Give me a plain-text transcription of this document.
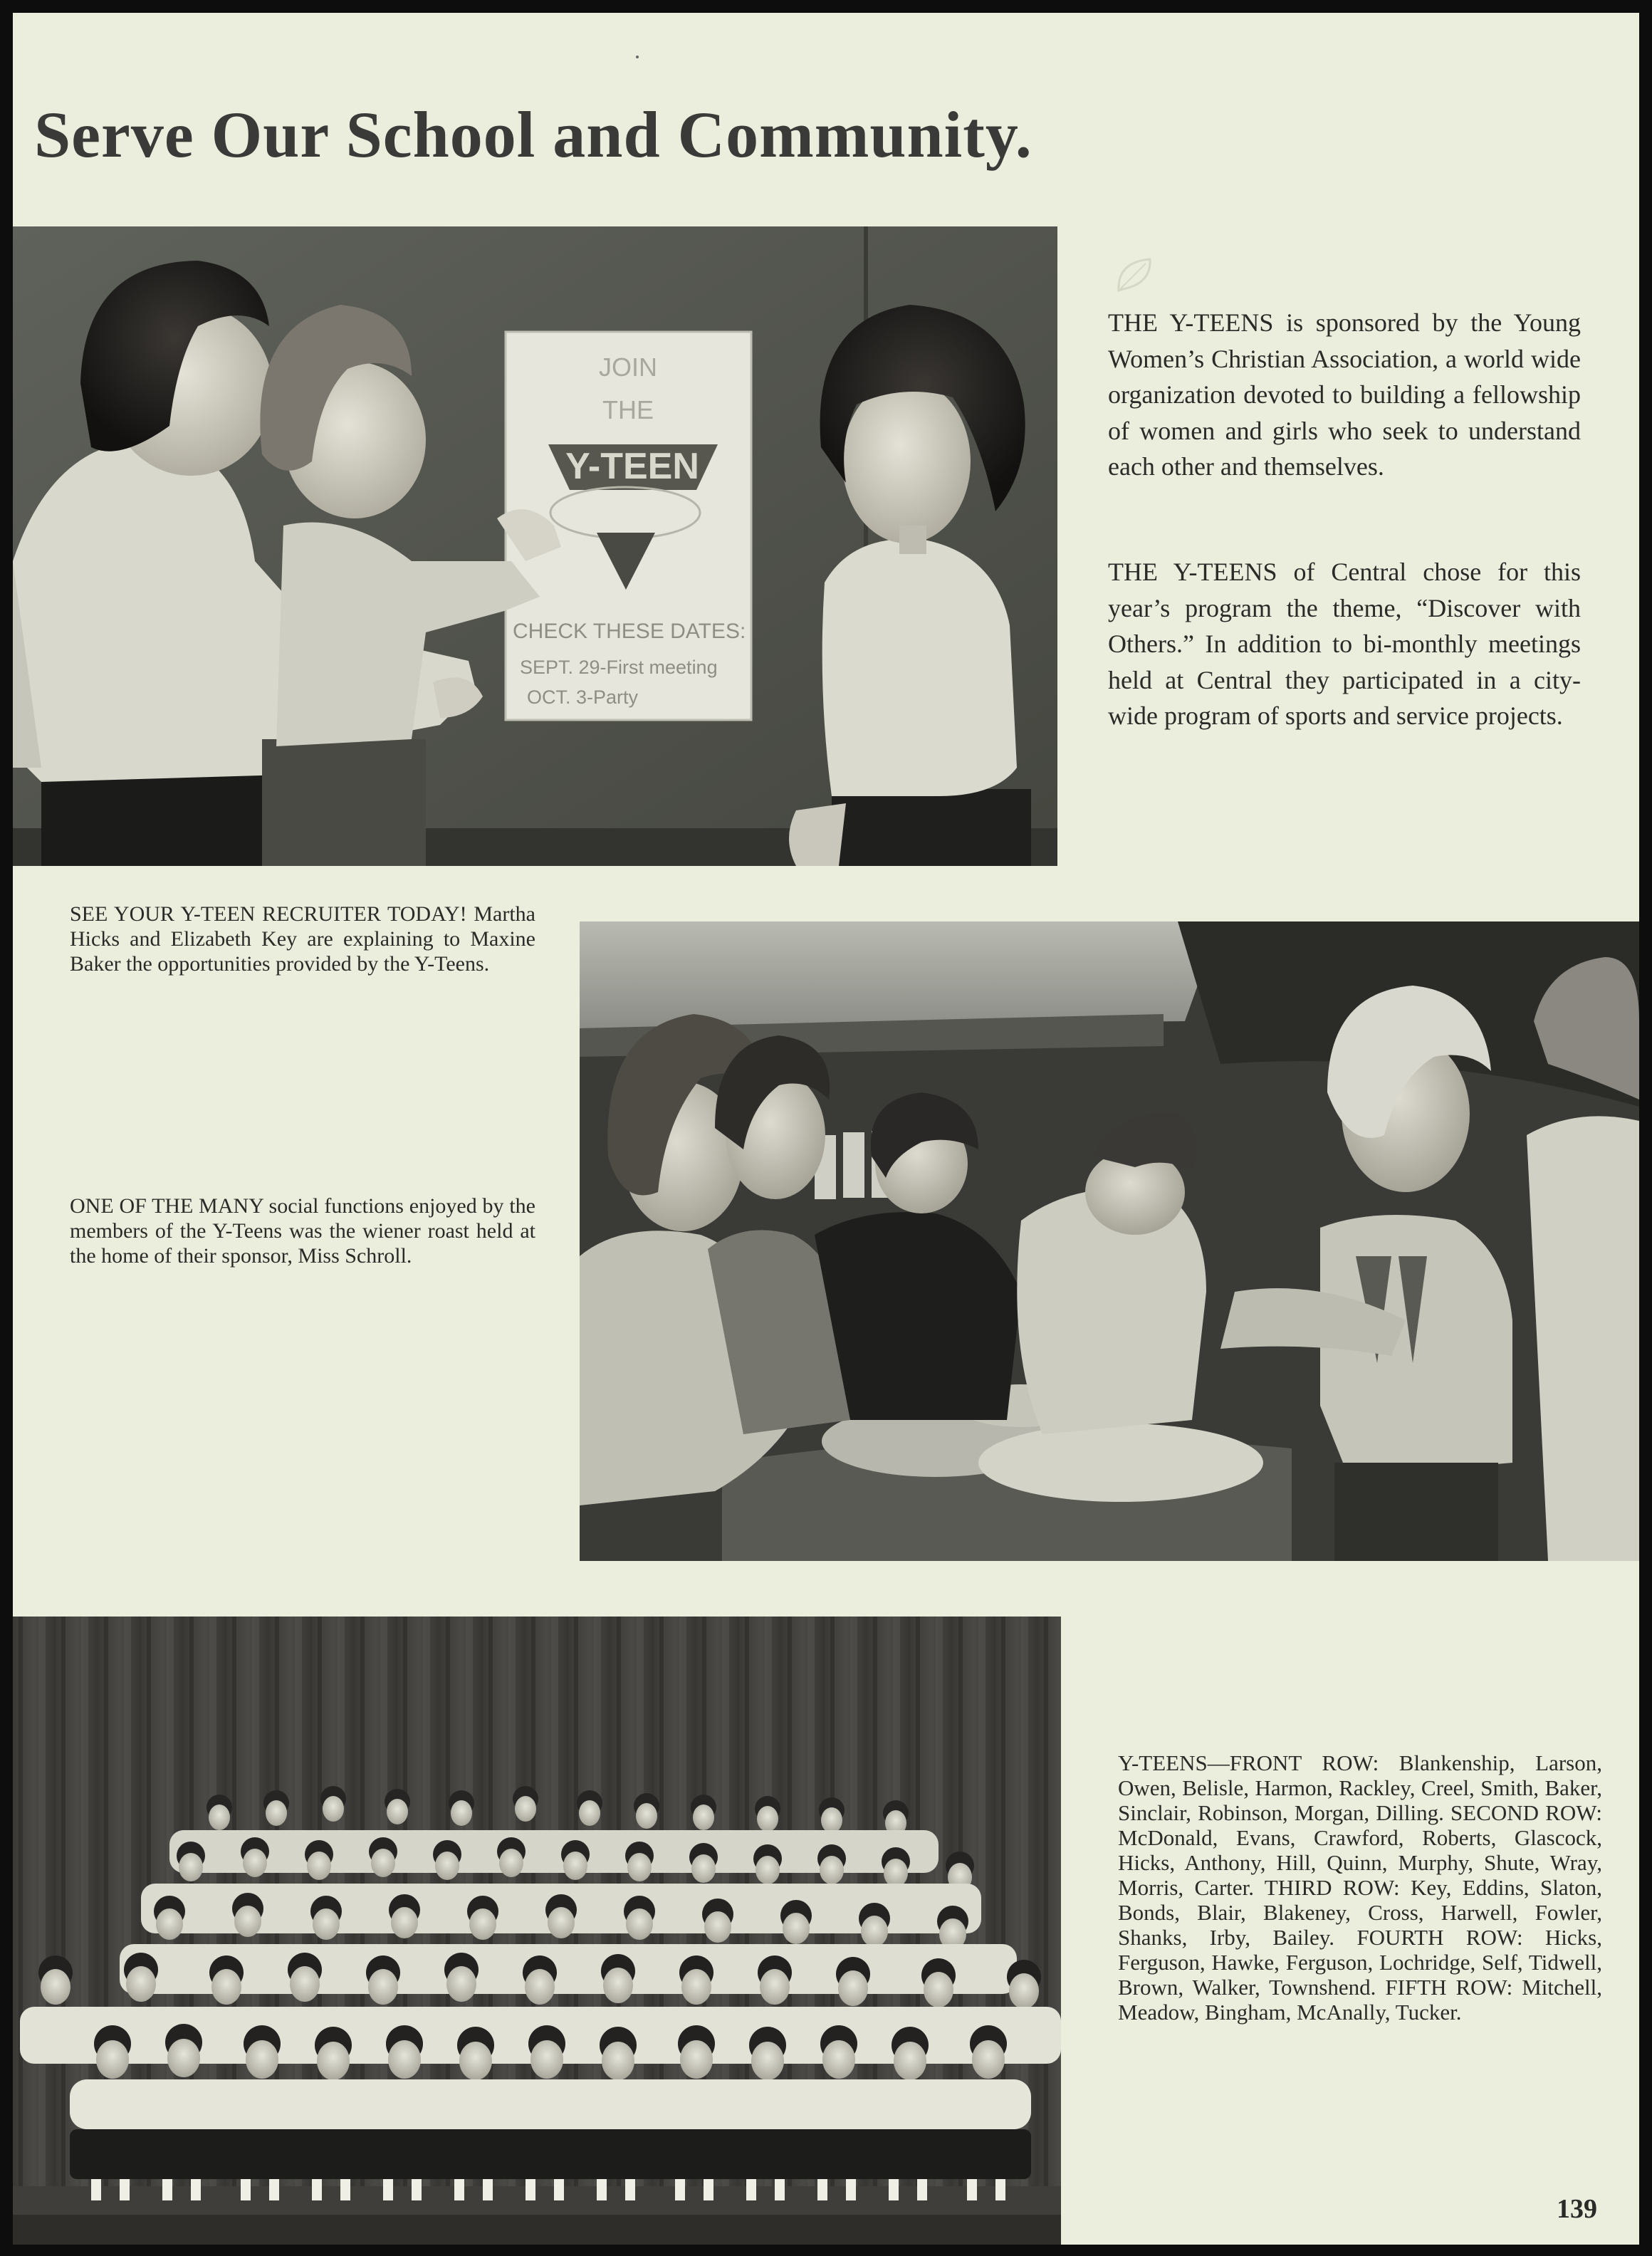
Serve Our School and Community.
JOIN
THE
Y-TEEN
CHECK THESE DATES:
SEPT. 29-First meeting
OCT. 3-Party
THE Y-TEENS is sponsored by the Young Women’s Christian Association, a world wide organization devoted to building a fellowship of women and girls who seek to understand each other and themselves.
THE Y-TEENS of Central chose for this year’s program the theme, “Discover with Others.” In addition to bi-monthly meetings held at Central they participated in a city-wide program of sports and service projects.
SEE YOUR Y-TEEN RECRUITER TODAY! Martha Hicks and Elizabeth Key are explaining to Maxine Baker the opportunities provided by the Y-Teens.
ONE OF THE MANY social functions enjoyed by the members of the Y-Teens was the wiener roast held at the home of their sponsor, Miss Schroll.
Y-TEENS—FRONT ROW: Blankenship, Larson, Owen, Belisle, Harmon, Rackley, Creel, Smith, Baker, Sinclair, Robinson, Morgan, Dilling. SECOND ROW: McDonald, Evans, Crawford, Roberts, Glascock, Hicks, Anthony, Hill, Quinn, Murphy, Shute, Wray, Morris, Carter. THIRD ROW: Key, Eddins, Slaton, Bonds, Blair, Blakeney, Cross, Harwell, Fowler, Shanks, Irby, Bailey. FOURTH ROW: Hicks, Ferguson, Hawke, Ferguson, Lochridge, Self, Tidwell, Brown, Walker, Townshend. FIFTH ROW: Mitchell, Meadow, Bingham, McAnally, Tucker.
139
